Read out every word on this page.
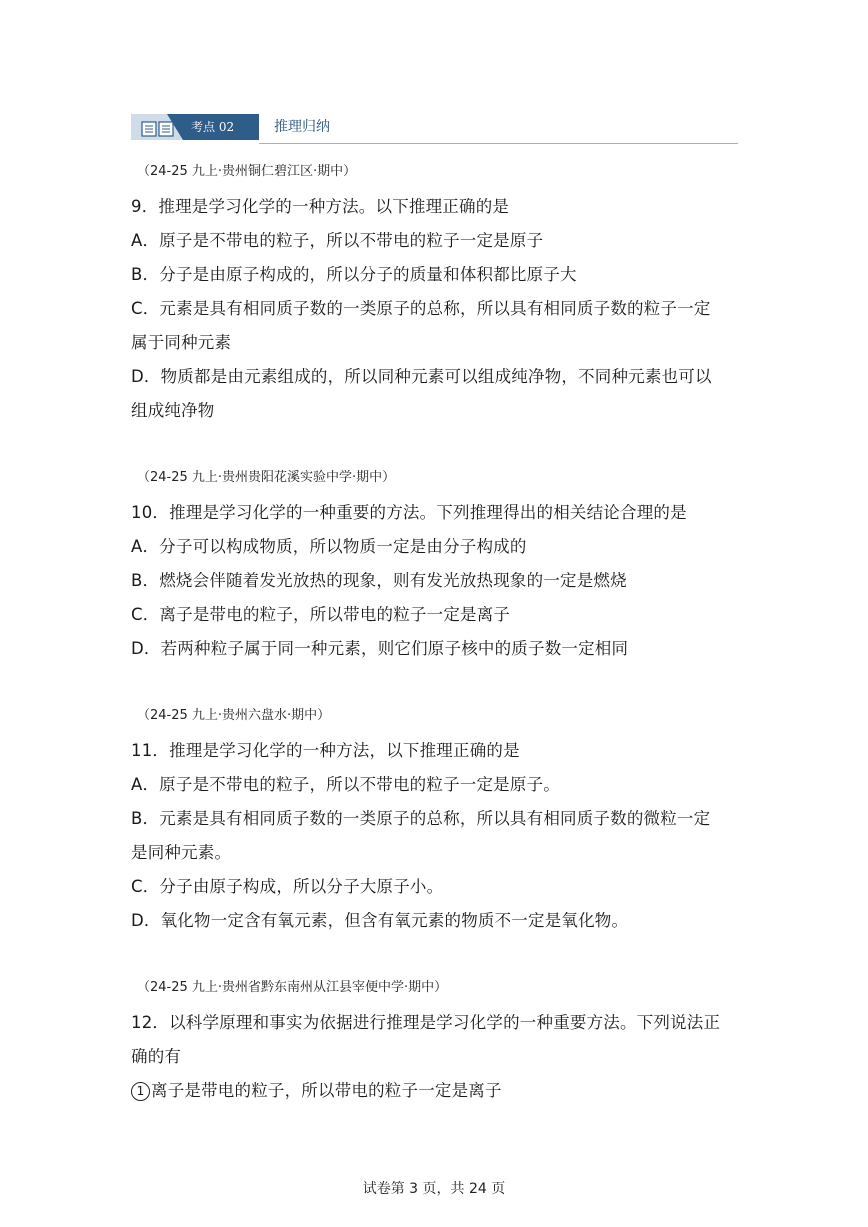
考点 02	推理归纳
（24-25 九上·贵州铜仁碧江区·期中）
9．推理是学习化学的一种方法。以下推理正确的是
A．原子是不带电的粒子，所以不带电的粒子一定是原子
B．分子是由原子构成的，所以分子的质量和体积都比原子大
C．元素是具有相同质子数的一类原子的总称，所以具有相同质子数的粒子一定
属于同种元素
D．物质都是由元素组成的，所以同种元素可以组成纯净物，不同种元素也可以
组成纯净物
（24-25 九上·贵州贵阳花溪实验中学·期中）
10．推理是学习化学的一种重要的方法。下列推理得出的相关结论合理的是
A．分子可以构成物质，所以物质一定是由分子构成的
B．燃烧会伴随着发光放热的现象，则有发光放热现象的一定是燃烧
C．离子是带电的粒子，所以带电的粒子一定是离子
D．若两种粒子属于同一种元素，则它们原子核中的质子数一定相同
（24-25 九上·贵州六盘水·期中）
11．推理是学习化学的一种方法，以下推理正确的是
A．原子是不带电的粒子，所以不带电的粒子一定是原子。
B．元素是具有相同质子数的一类原子的总称，所以具有相同质子数的微粒一定
是同种元素。
C．分子由原子构成，所以分子大原子小。
D．氧化物一定含有氧元素，但含有氧元素的物质不一定是氧化物。
（24-25 九上·贵州省黔东南州从江县宰便中学·期中）
12．以科学原理和事实为依据进行推理是学习化学的一种重要方法。下列说法正
确的有
1 离子是带电的粒子，所以带电的粒子一定是离子
试卷第 3 页，共 24 页
